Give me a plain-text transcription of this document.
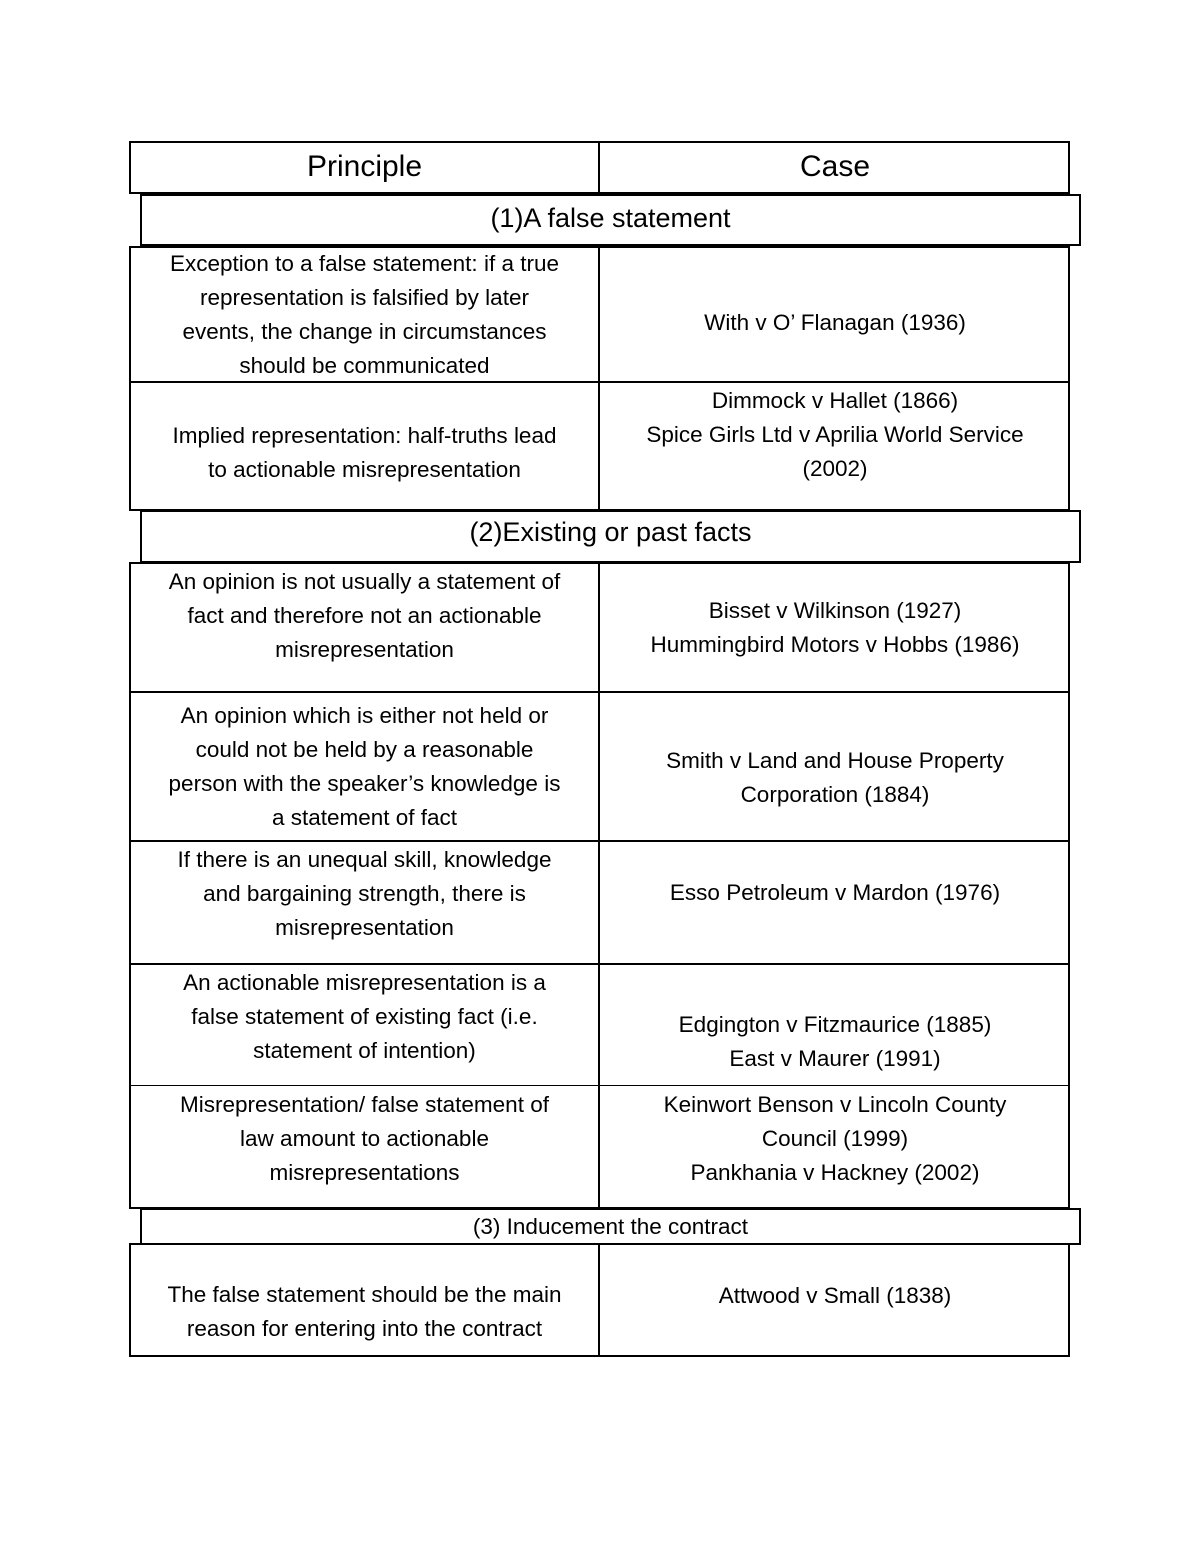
Principle	Case
(1)A false statement
Exception to a false statement: if a true
representation is falsified by later
events, the change in circumstances
should be communicated
With v O’ Flanagan (1936)
Implied representation: half-truths lead
to actionable misrepresentation
Dimmock v Hallet (1866)
Spice Girls Ltd v Aprilia World Service
(2002)
(2)Existing or past facts
An opinion is not usually a statement of
fact and therefore not an actionable
misrepresentation
Bisset v Wilkinson (1927)
Hummingbird Motors v Hobbs (1986)
An opinion which is either not held or
could not be held by a reasonable
person with the speaker’s knowledge is
a statement of fact
Smith v Land and House Property
Corporation (1884)
If there is an unequal skill, knowledge
and bargaining strength, there is
misrepresentation
Esso Petroleum v Mardon (1976)
An actionable misrepresentation is a
false statement of existing fact (i.e.
statement of intention)
Edgington v Fitzmaurice (1885)
East v Maurer (1991)
Misrepresentation/ false statement of
law amount to actionable
misrepresentations
Keinwort Benson v Lincoln County
Council (1999)
Pankhania v Hackney (2002)
(3) Inducement the contract
The false statement should be the main
reason for entering into the contract
Attwood v Small (1838)
